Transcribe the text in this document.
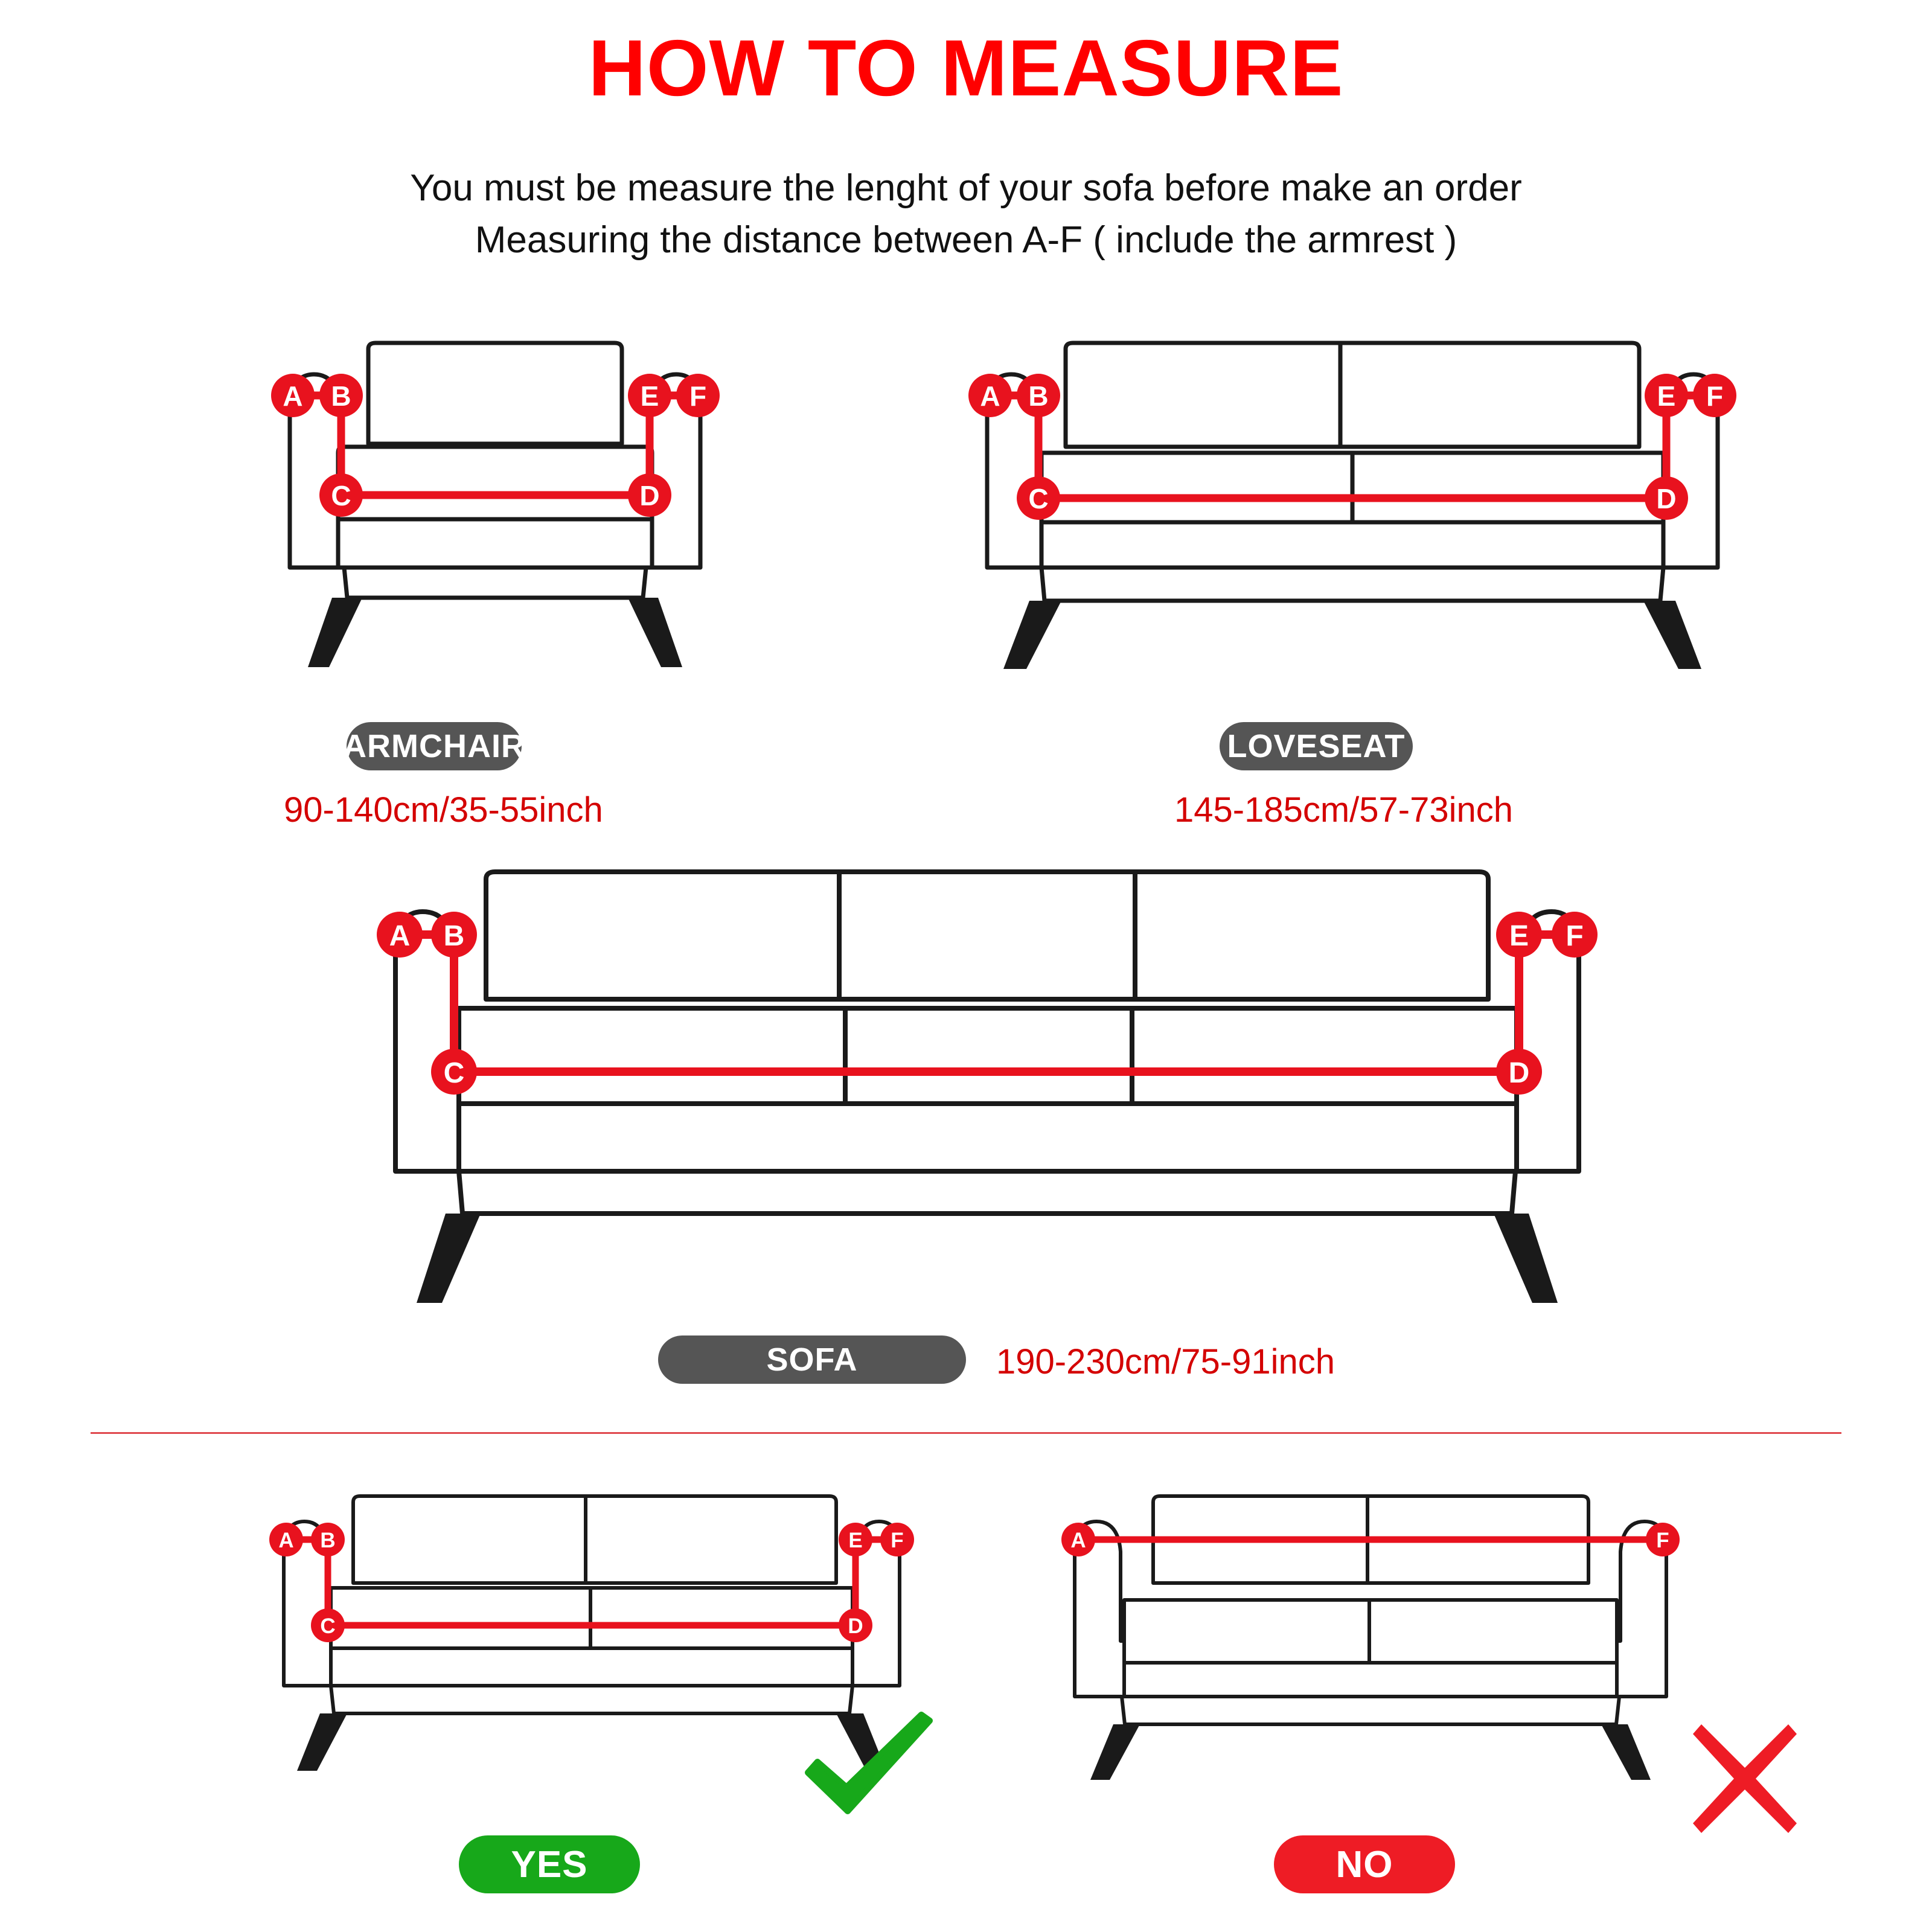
HOW TO MEASURE
You must be measure the lenght of your sofa before make an order
Measuring the distance between A-F ( include the armrest )
A B
C	D
E F
ARMCHAIR
90-140cm/35-55inch
A B
C	D
E F
LOVESEAT
145-185cm/57-73inch
A B
C	D
E F
SOFA	190-230cm/75-91inch
A B
C	D
E F
YES
A	F
NO
